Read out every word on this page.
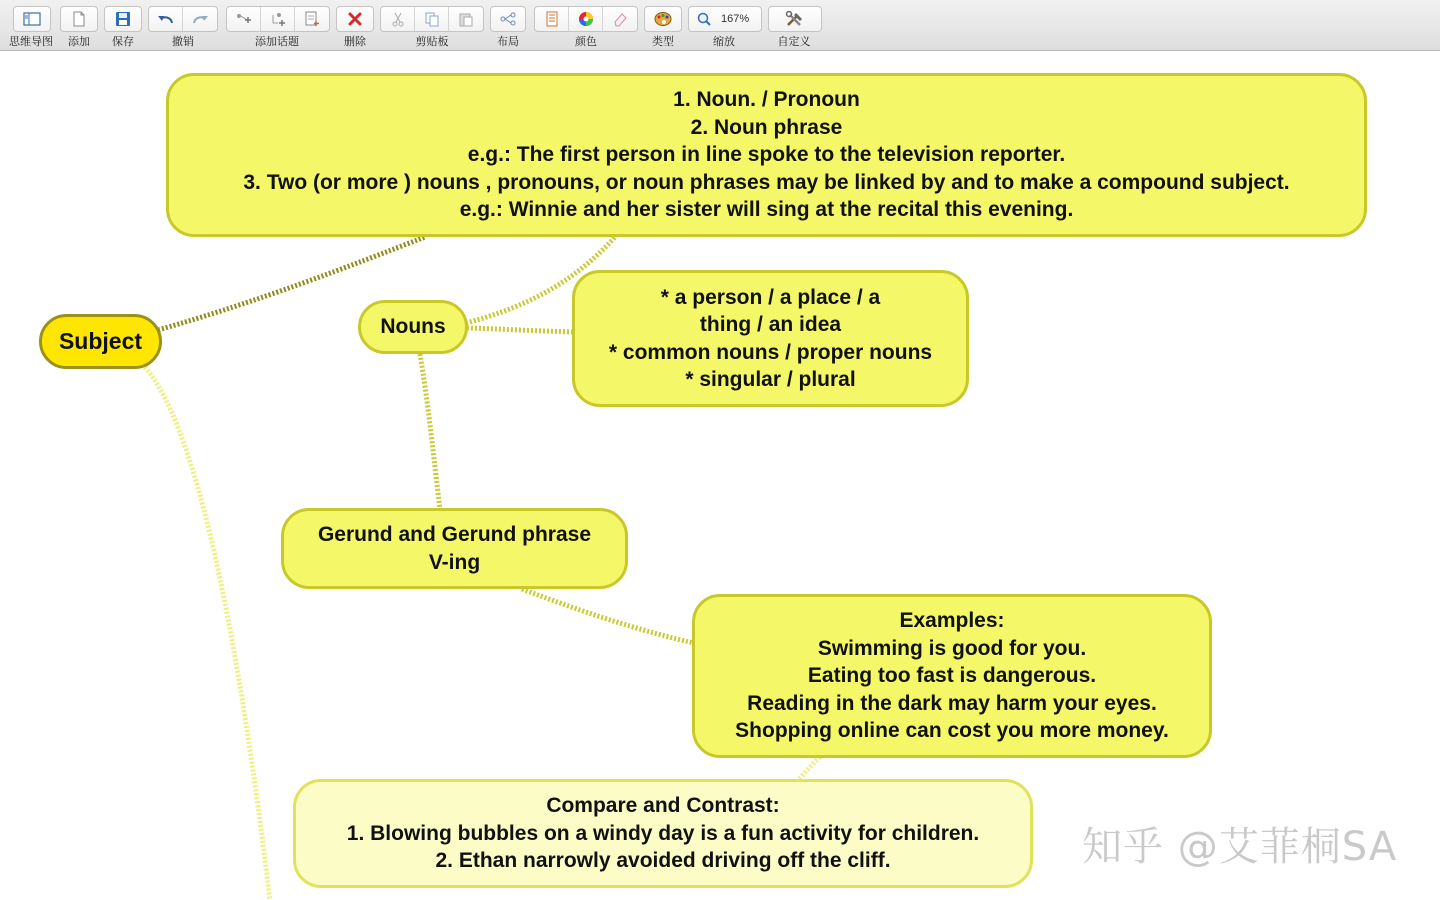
思维导图	添加	保存	撤销	添加话题	删除	剪贴板	布局	颜色	类型
167%
缩放	自定义
1. Noun. / Pronoun
2. Noun phrase
e.g.: The first person in line spoke to the television reporter.
3. Two (or more ) nouns , pronouns, or noun phrases may be linked by and to make a compound subject.
e.g.: Winnie and her sister will sing at the recital this evening.
Subject
Nouns
* a person / a place / a
thing / an idea
* common nouns / proper nouns
* singular / plural
Gerund and Gerund phrase
V-ing
Examples:
Swimming is good for you.
Eating too fast is dangerous.
Reading in the dark may harm your eyes.
Shopping online can cost you more money.
Compare and Contrast:
1. Blowing bubbles on a windy day is a fun activity for children.
2. Ethan narrowly avoided driving off the cliff.	知乎 @艾菲桐SA
